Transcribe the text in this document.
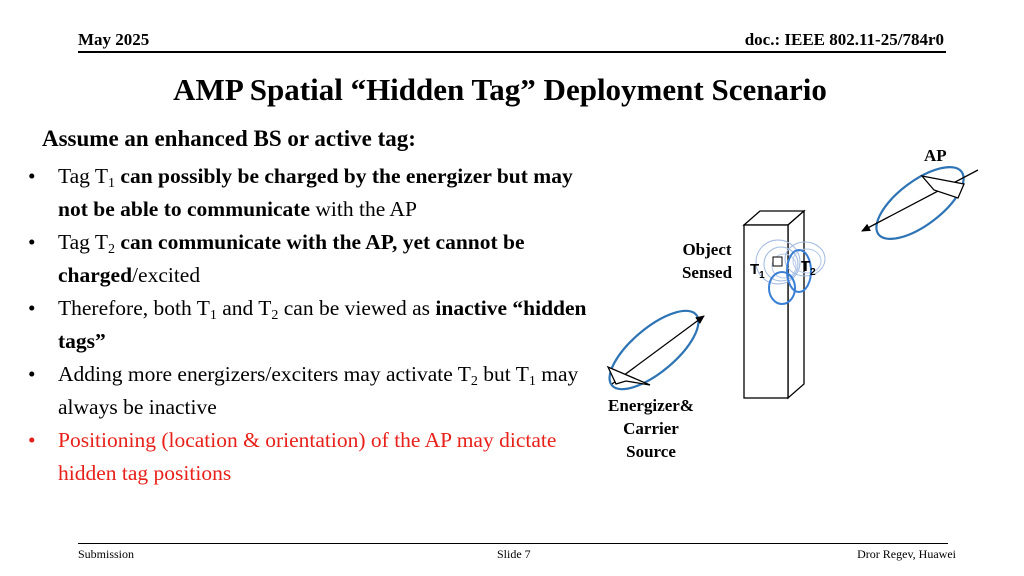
May 2025	doc.: IEEE 802.11-25/784r0
AMP Spatial “Hidden Tag” Deployment Scenario
Assume an enhanced BS or active tag:
• Tag $T_1$ can possibly be charged by the energizer but may not be able to communicate with the AP
• Tag $T_2$ can communicate with the AP, yet cannot be charged/excited
• Therefore, both $T_1$ and $T_2$ can be viewed as inactive “hidden tags”
• Adding more energizers/exciters may activate $T_2$ but $T_1$ may always be inactive
• Positioning (location & orientation) of the AP may dictate hidden tag positions
AP
Object
Sensed	$T_1$
$T_2$
Energizer&
Carrier
Source
Submission	Slide 7	Dror Regev, Huawei
